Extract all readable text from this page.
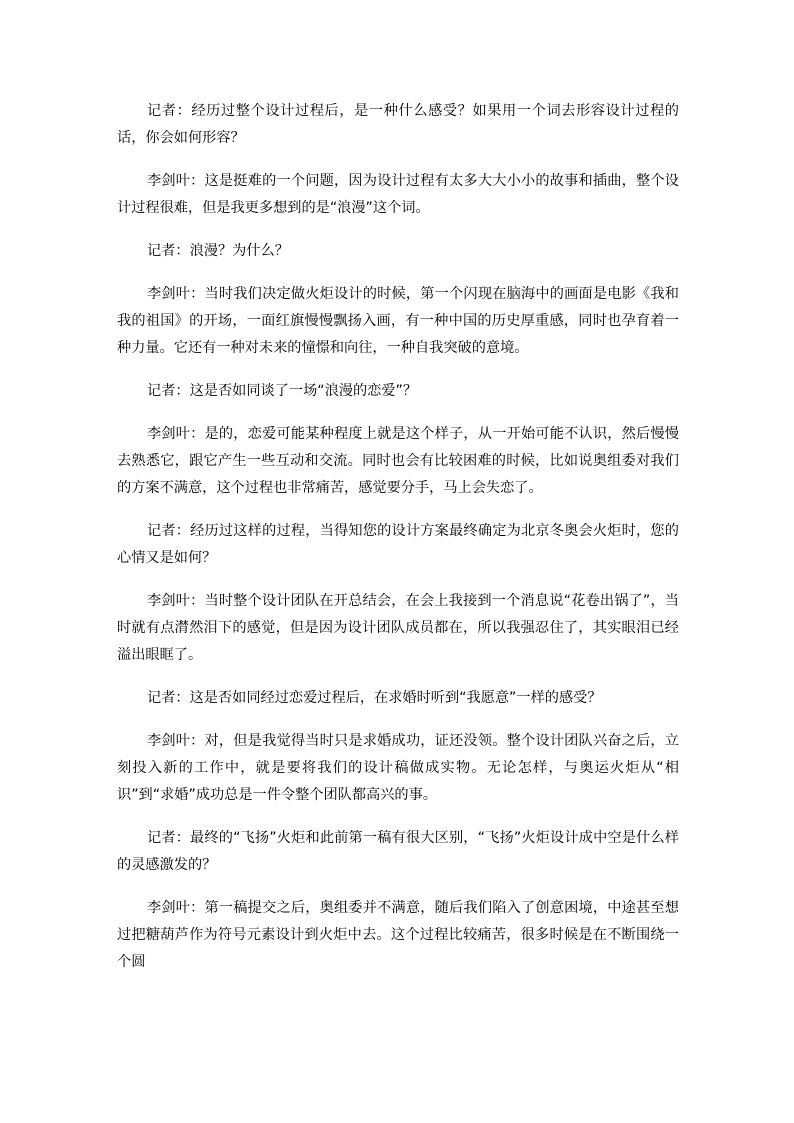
记者：经历过整个设计过程后，是一种什么感受？如果用一个词去形容设计过程的话，你会如何形容？

李剑叶：这是挺难的一个问题，因为设计过程有太多大大小小的故事和插曲，整个设计过程很难，但是我更多想到的是“浪漫”这个词。

记者：浪漫？为什么？

李剑叶：当时我们决定做火炬设计的时候，第一个闪现在脑海中的画面是电影《我和我的祖国》的开场，一面红旗慢慢飘扬入画，有一种中国的历史厚重感，同时也孕育着一种力量。它还有一种对未来的憧憬和向往，一种自我突破的意境。

记者：这是否如同谈了一场“浪漫的恋爱”？

李剑叶：是的，恋爱可能某种程度上就是这个样子，从一开始可能不认识，然后慢慢去熟悉它，跟它产生一些互动和交流。同时也会有比较困难的时候，比如说奥组委对我们的方案不满意，这个过程也非常痛苦，感觉要分手，马上会失恋了。

记者：经历过这样的过程，当得知您的设计方案最终确定为北京冬奥会火炬时，您的心情又是如何？

李剑叶：当时整个设计团队在开总结会，在会上我接到一个消息说“花卷出锅了”，当时就有点潸然泪下的感觉，但是因为设计团队成员都在，所以我强忍住了，其实眼泪已经溢出眼眶了。

记者：这是否如同经过恋爱过程后，在求婚时听到“我愿意”一样的感受？

李剑叶：对，但是我觉得当时只是求婚成功，证还没领。整个设计团队兴奋之后，立刻投入新的工作中，就是要将我们的设计稿做成实物。无论怎样，与奥运火炬从“相识”到“求婚”成功总是一件令整个团队都高兴的事。

记者：最终的“飞扬”火炬和此前第一稿有很大区别，“飞扬”火炬设计成中空是什么样的灵感激发的？

李剑叶：第一稿提交之后，奥组委并不满意，随后我们陷入了创意困境，中途甚至想过把糖葫芦作为符号元素设计到火炬中去。这个过程比较痛苦，很多时候是在不断围绕一个圆
